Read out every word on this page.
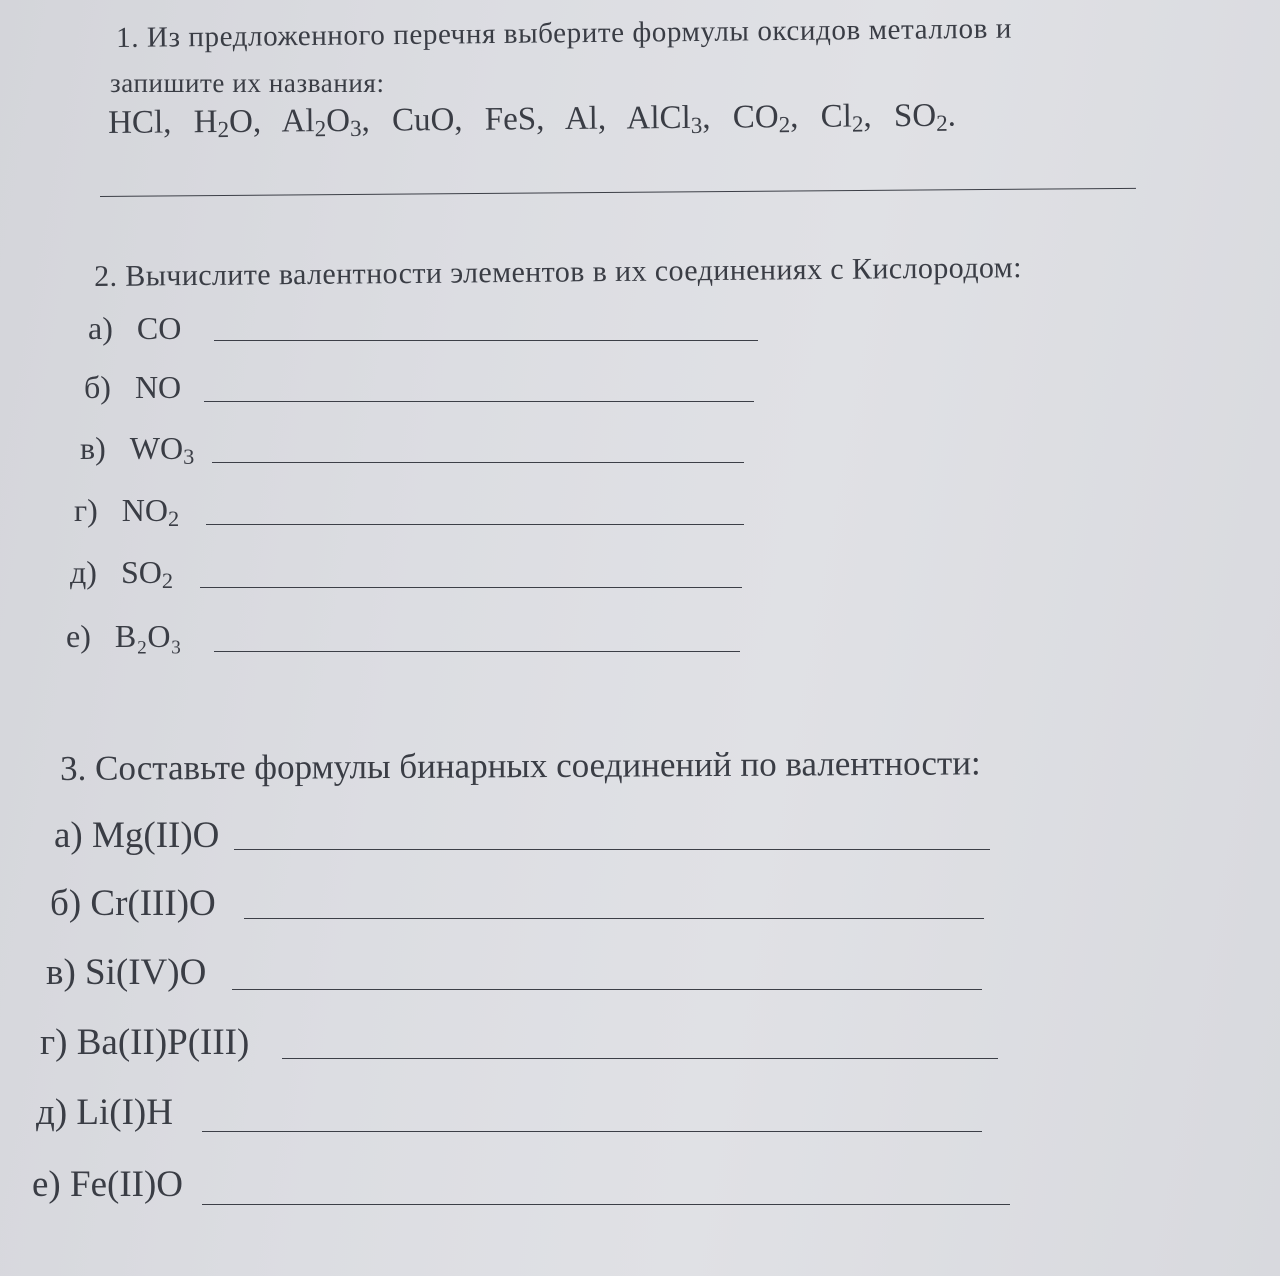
1. Из предложенного перечня выберите формулы оксидов металлов и
запишите их названия:
HCl, $H_2O$, $Al_2O_3$, CuO, FeS, Al, AlCl$_3$, $CO_2$, $Cl_2$, $SO_2$.
2. Вычислите валентности элементов в их соединениях с Кислородом:
а) CO
б) NO
в) $WO_3$
г) $NO_2$
д) $SO_2$
е) B₂O₃
3. Составьте формулы бинарных соединений по валентности:
а) Mg(II)O
б) Cr(III)O
в) Si(IV)O
г) Ba(II)P(III)
д) Li(I)H
е) Fe(II)O
